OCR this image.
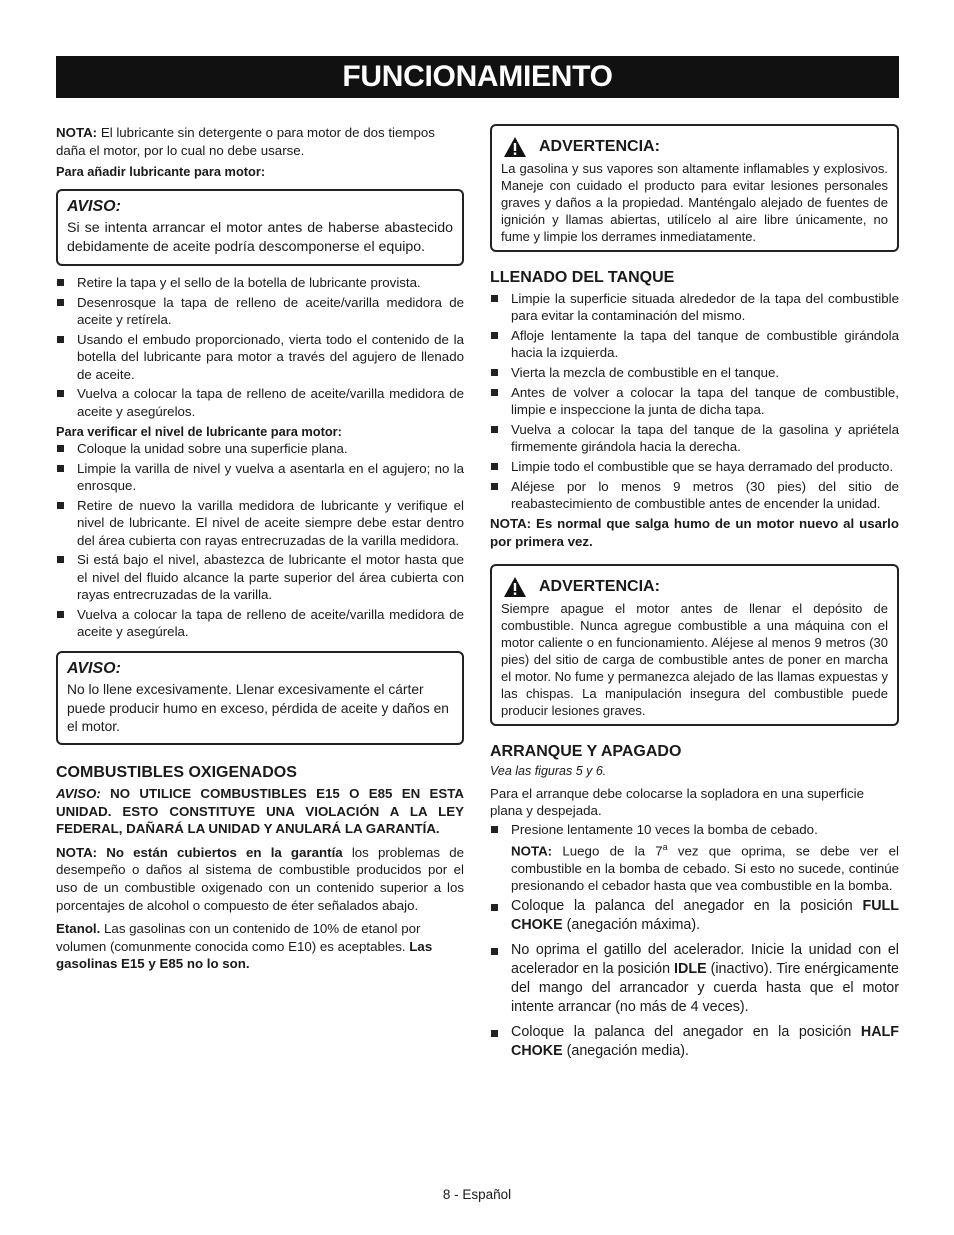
FUNCIONAMIENTO

NOTA: El lubricante sin detergente o para motor de dos tiempos daña el motor, por lo cual no debe usarse.

Para añadir lubricante para motor:

AVISO:

Si se intenta arrancar el motor antes de haberse abastecido debidamente de aceite podría descomponerse el equipo.

Retire la tapa y el sello de la botella de lubricante provista.
Desenrosque la tapa de relleno de aceite/varilla medidora de aceite y retírela.
Usando el embudo proporcionado, vierta todo el contenido de la botella del lubricante para motor a través del agujero de llenado de aceite.
Vuelva a colocar la tapa de relleno de aceite/varilla medidora de aceite y asegúrelos.

Para verificar el nivel de lubricante para motor:

Coloque la unidad sobre una superficie plana.
Limpie la varilla de nivel y vuelva a asentarla en el agujero; no la enrosque.
Retire de nuevo la varilla medidora de lubricante y verifique el nivel de lubricante. El nivel de aceite siempre debe estar dentro del área cubierta con rayas entrecruzadas de la varilla medidora.
Si está bajo el nivel, abastezca de lubricante el motor hasta que el nivel del fluido alcance la parte superior del área cubierta con rayas entrecruzadas de la varilla.
Vuelva a colocar la tapa de relleno de aceite/varilla medidora de aceite y asegúrela.
AVISO:

No lo llene excesivamente. Llenar excesivamente el cárter puede producir humo en exceso, pérdida de aceite y daños en el motor.

COMBUSTIBLES OXIGENADOS

AVISO: NO UTILICE COMBUSTIBLES E15 O E85 EN ESTA UNIDAD. ESTO CONSTITUYE UNA VIOLACIÓN A LA LEY FEDERAL, DAÑARÁ LA UNIDAD Y ANULARÁ LA GARANTÍA.

NOTA: No están cubiertos en la garantía los problemas de desempeño o daños al sistema de combustible producidos por el uso de un combustible oxigenado con un contenido superior a los porcentajes de alcohol o compuesto de éter señalados abajo.

Etanol. Las gasolinas con un contenido de 10% de etanol por volumen (comunmente conocida como E10) es aceptables. Las gasolinas E15 y E85 no lo son.

ADVERTENCIA:

La gasolina y sus vapores son altamente inflamables y explosivos. Maneje con cuidado el producto para evitar lesiones personales graves y daños a la propiedad. Manténgalo alejado de fuentes de ignición y llamas abiertas, utilícelo al aire libre únicamente, no fume y limpie los derrames inmediatamente.

LLENADO DEL TANQUE
Limpie la superficie situada alrededor de la tapa del combustible para evitar la contaminación del mismo.
Afloje lentamente la tapa del tanque de combustible girándola hacia la izquierda.
Vierta la mezcla de combustible en el tanque.
Antes de volver a colocar la tapa del tanque de combustible, limpie e inspeccione la junta de dicha tapa.
Vuelva a colocar la tapa del tanque de la gasolina y apriétela firmemente girándola hacia la derecha.
Limpie todo el combustible que se haya derramado del producto.
Aléjese por lo menos 9 metros (30 pies) del sitio de reabastecimiento de combustible antes de encender la unidad.

NOTA: Es normal que salga humo de un motor nuevo al usarlo por primera vez.

ADVERTENCIA:

Siempre apague el motor antes de llenar el depósito de combustible. Nunca agregue combustible a una máquina con el motor caliente o en funcionamiento. Aléjese al menos 9 metros (30 pies) del sitio de carga de combustible antes de poner en marcha el motor. No fume y permanezca alejado de las llamas expuestas y las chispas. La manipulación insegura del combustible puede producir lesiones graves.

ARRANQUE Y APAGADO

Vea las figuras 5 y 6.

Para el arranque debe colocarse la sopladora en una superficie plana y despejada.

Presione lentamente 10 veces la bomba de cebado.
NOTA: Luego de la 7$^a$ vez que oprima, se debe ver el combustible en la bomba de cebado. Si esto no sucede, continúe presionando el cebador hasta que vea combustible en la bomba.
Coloque la palanca del anegador en la posición FULL CHOKE (anegación máxima).
No oprima el gatillo del acelerador. Inicie la unidad con el acelerador en la posición IDLE (inactivo). Tire enérgicamente del mango del arrancador y cuerda hasta que el motor intente arrancar (no más de 4 veces).
Coloque la palanca del anegador en la posición HALF CHOKE (anegación media).
8 - Español
